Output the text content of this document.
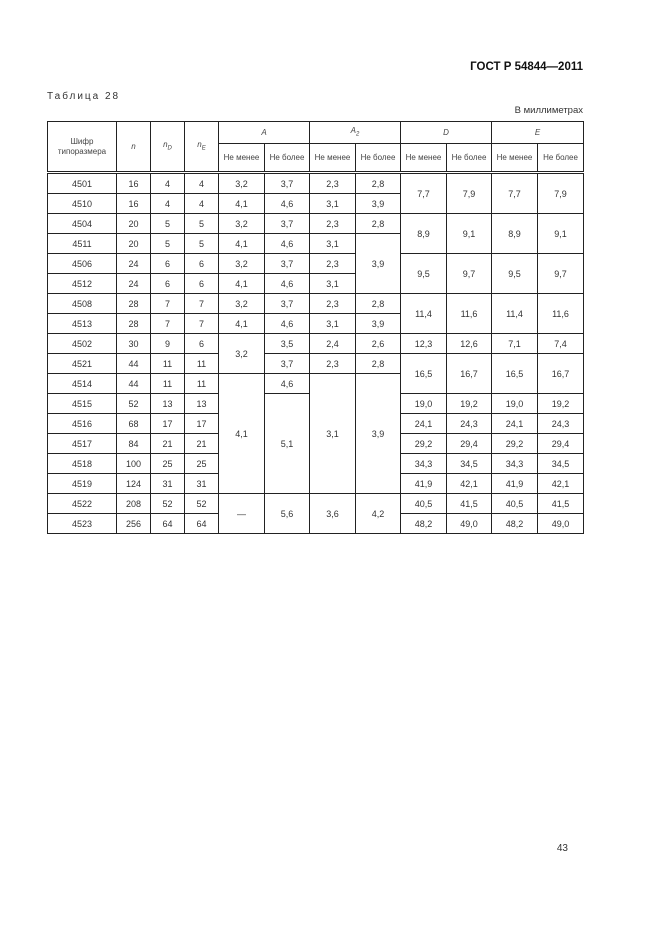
ГОСТ Р 54844—2011
Таблица 28
В миллиметрах
Шифр типоразмера	n	$n_D$	$n_E$	A		$A_2$		D		E	
				Не менее	Не более	Не менее	Не более	Не менее	Не более	Не менее	Не более
4501	16	4	4	3,2	3,7	2,3	2,8	7,7	7,9	7,7	7,9
4510	16	4	4	4,1	4,6	3,1	3,9				
4504	20	5	5	3,2	3,7	2,3	2,8	8,9	9,1	8,9	9,1
4511	20	5	5	4,1	4,6	3,1	3,9				
4506	24	6	6	3,2	3,7	2,3		9,5	9,7	9,5	9,7
4512	24	6	6	4,1	4,6	3,1					
4508	28	7	7	3,2	3,7	2,3	2,8	11,4	11,6	11,4	11,6
4513	28	7	7	4,1	4,6	3,1	3,9				
4502	30	9	6	3,2	3,5	2,4	2,6	12,3	12,6	7,1	7,4
4521	44	11	11		3,7	2,3	2,8	16,5	16,7	16,5	16,7
4514	44	11	11	4,1	4,6	3,1	3,9				
4515	52	13	13		5,1			19,0	19,2	19,0	19,2
4516	68	17	17					24,1	24,3	24,1	24,3
4517	84	21	21					29,2	29,4	29,2	29,4
4518	100	25	25					34,3	34,5	34,3	34,5
4519	124	31	31					41,9	42,1	41,9	42,1
4522	208	52	52	—	5,6	3,6	4,2	40,5	41,5	40,5	41,5
4523	256	64	64					48,2	49,0	48,2	49,0
43
